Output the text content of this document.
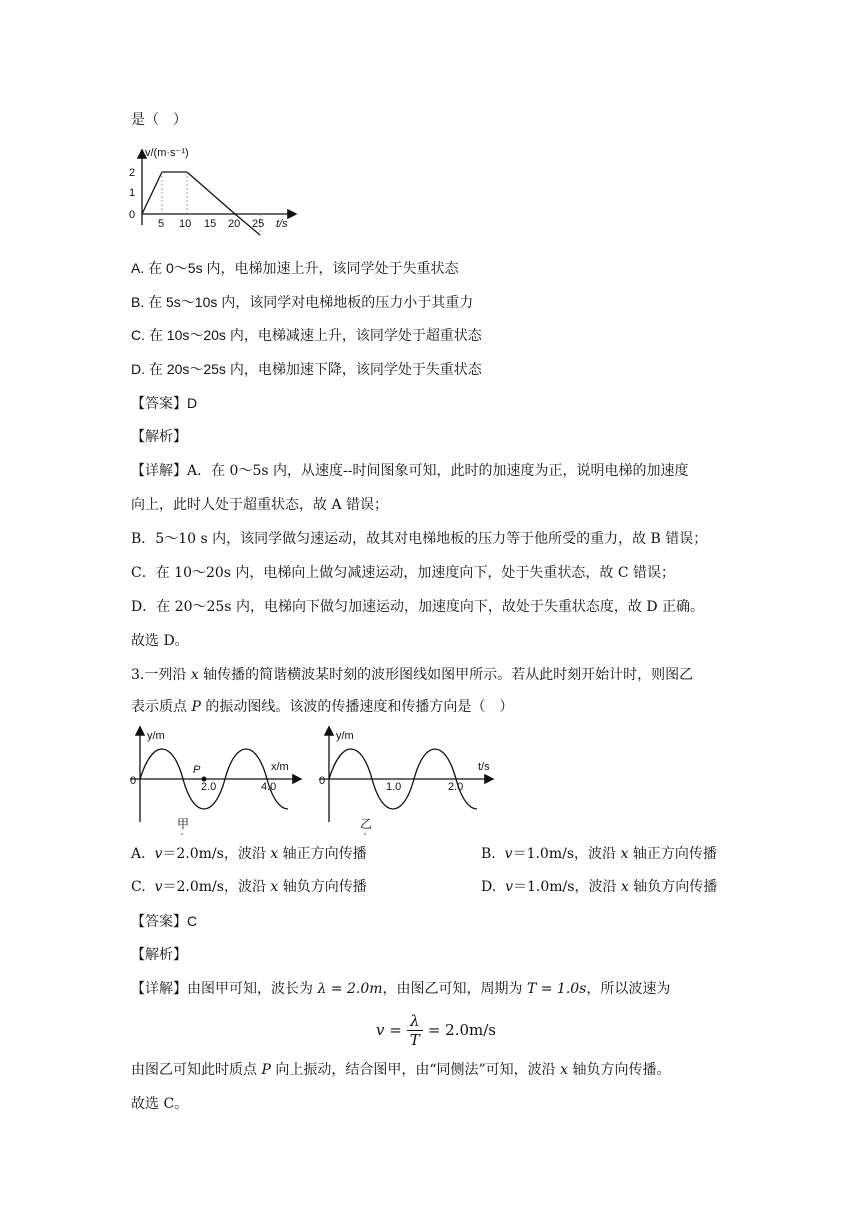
是（　）
v/(m·s⁻¹)
2
1
0
5 10 15 20 25 t/s
A. 在 0～5s 内，电梯加速上升，该同学处于失重状态
B. 在 5s～10s 内，该同学对电梯地板的压力小于其重力
C. 在 10s～20s 内，电梯减速上升，该同学处于超重状态
D. 在 20s～25s 内，电梯加速下降，该同学处于失重状态
【答案】D
【解析】
【详解】A．在 0～5s 内，从速度--时间图象可知，此时的加速度为正，说明电梯的加速度
向上，此时人处于超重状态，故 A 错误；
B．5～10 s 内，该同学做匀速运动，故其对电梯地板的压力等于他所受的重力，故 B 错误；
C．在 10～20s 内，电梯向上做匀减速运动，加速度向下，处于失重状态，故 C 错误；
D．在 20～25s 内，电梯向下做匀加速运动，加速度向下，故处于失重状态度，故 D 正确。
故选 D。
3.一列沿 x 轴传播的简谐横波某时刻的波形图线如图甲所示。若从此时刻开始计时，则图乙
表示质点 P 的振动图线。该波的传播速度和传播方向是（　）
y/m
x/m
0
P
2.0	4.0
甲
y/m
t/s
0	1.0	2.0
乙
A. v＝2.0m/s，波沿 x 轴正方向传播	B. v＝1.0m/s，波沿 x 轴正方向传播
C. v＝2.0m/s，波沿 x 轴负方向传播	D. v＝1.0m/s，波沿 x 轴负方向传播
【答案】C
【解析】
【详解】由图甲可知，波长为 λ = 2.0m，由图乙可知，周期为 T = 1.0s，所以波速为
v =
λ
T
= 2.0m/s
由图乙可知此时质点 P 向上振动，结合图甲，由“同侧法”可知，波沿 x 轴负方向传播。
故选 C。
